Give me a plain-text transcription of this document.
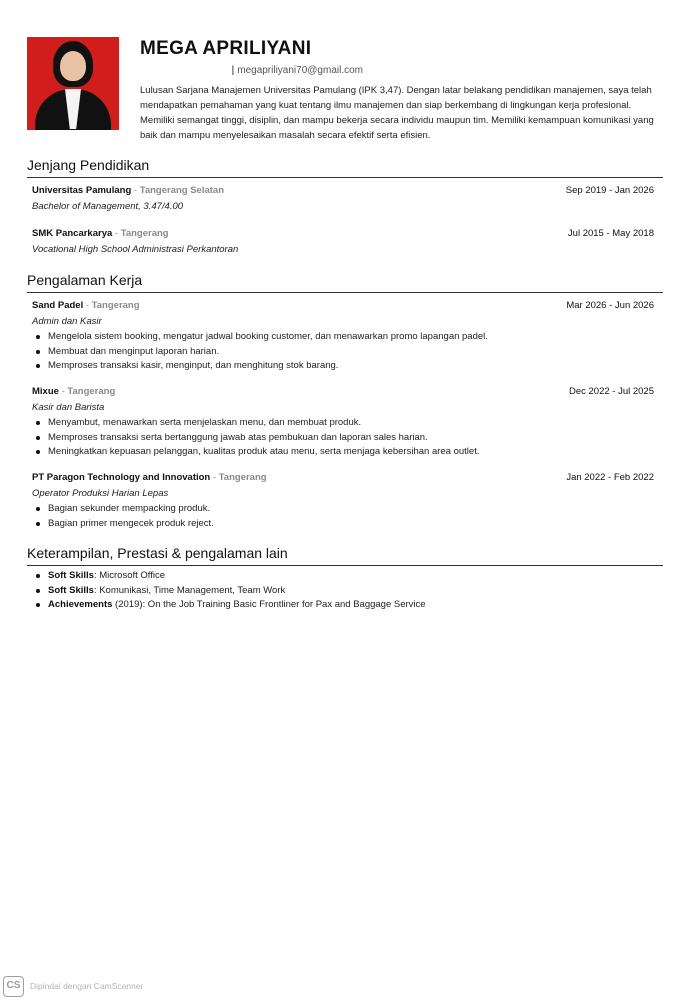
MEGA APRILIYANI
| megapriliyani70@gmail.com
Lulusan Sarjana Manajemen Universitas Pamulang (IPK 3,47). Dengan latar belakang pendidikan manajemen, saya telah mendapatkan pemahaman yang kuat tentang ilmu manajemen dan siap berkembang di lingkungan kerja profesional. Memiliki semangat tinggi, disiplin, dan mampu bekerja secara individu maupun tim. Memiliki kemampuan komunikasi yang baik dan mampu menyelesaikan masalah secara efektif serta efisien.
Jenjang Pendidikan
Universitas Pamulang - Tangerang Selatan	Sep 2019 - Jan 2026
Bachelor of Management, 3.47/4.00
SMK Pancarkarya - Tangerang	Jul 2015 - May 2018
Vocational High School Administrasi Perkantoran
Pengalaman Kerja
Sand Padel - Tangerang	Mar 2026 - Jun 2026
Admin dan Kasir
Mengelola sistem booking, mengatur jadwal booking customer, dan menawarkan promo lapangan padel.
Membuat dan menginput laporan harian.
Memproses transaksi kasir, menginput, dan menghitung stok barang.
Mixue - Tangerang	Dec 2022 - Jul 2025
Kasir dan Barista
Menyambut, menawarkan serta menjelaskan menu, dan membuat produk.
Memproses transaksi serta bertanggung jawab atas pembukuan dan laporan sales harian.
Meningkatkan kepuasan pelanggan, kualitas produk atau menu, serta menjaga kebersihan area outlet.
PT Paragon Technology and Innovation - Tangerang	Jan 2022 - Feb 2022
Operator Produksi Harian Lepas
Bagian sekunder mempacking produk.
Bagian primer mengecek produk reject.
Keterampilan, Prestasi & pengalaman lain
Soft Skills: Microsoft Office
Soft Skills: Komunikasi, Time Management, Team Work
Achievements (2019): On the Job Training Basic Frontliner for Pax and Baggage Service
CS	Dipindai dengan CamScanner
